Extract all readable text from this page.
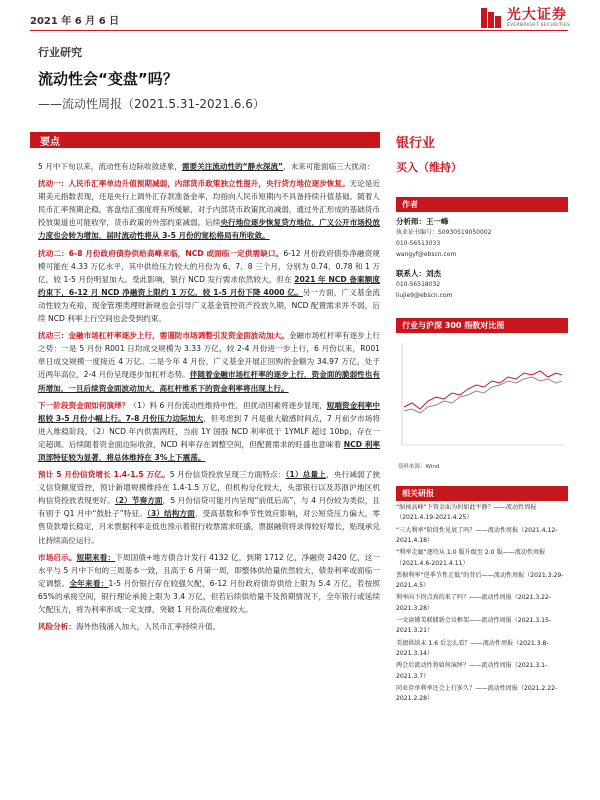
2021 年 6 月 6 日	光大证券
EVERBRIGHT SECURITIES
行业研究
流动性会“变盘”吗？
——流动性周报（2021.5.31-2021.6.6）
要点

5 月中下旬以来，流动性有边际收敛迹象，需要关注流动性的“静水深流”，未来可能面临三大扰动：

扰动一：人民币汇率单边升值预期减弱，内部货币政策独立性提升，央行贷方地位逐步恢复。无论是近期美元指数表现，还是央行上调外汇存款准备金率，均指向人民币短期内不具备持续升值基础。随着人民币汇率预期企稳，客盘结汇强度将有所缓解，对于内部货币政策扰动减弱，通过外汇形成的基础货币投放渠道也可能收窄，货币政策的外部约束减弱。后续央行地位逐步恢复贷方地位，广义公开市场投放力度也会转为增加，届时流动性将从 3-5 月份的宽松格局有所收敛。

扰动二：6-8 月份政府债券供给高峰来临，NCD 或面临一定供需缺口。6-12 月份政府债券净融资规模可能在 4.33 万亿水平，其中供给压力较大的月份为 6、7、8 三个月，分别为 0.74、0.78 和 1 万亿，较 1-5 月份明显加大。受此影响，银行 NCD 发行需求依然较大，但在 2021 年 NCD 备案额度约束下，6-12 月 NCD 净融资上限约 1 万亿，较 1-5 月份下降 4000 亿。另一方面，广义基金流动性较为充裕，现金管理类理财新规也会引导广义基金管控资产投放久期，NCD 配置需求并不弱，后续 NCD 利率上行空间也会受到约束。

扰动三：金融市场杠杆率逐步上行，需谨防市场调整引发资金面波动加大。金融市场杠杆率有逐步上行之势：一是 5 月份 R001 日均成交规模为 3.33 万亿，较 2-4 月份进一步上行，6 月份以来，R001 单日成交规模一度接近 4 万亿。二是今年 4 月份，广义基金开展正回购的金额为 34.97 万亿，处于近两年高位，2-4 月份呈现逐步加杠杆态势。伴随着金融市场杠杆率的逐步上行，资金面的脆弱性也有所增加，一旦后续资金面波动加大，高杠杆维系下的资金利率将出现上行。

下一阶段资金面如何演绎？（1）料 6 月份流动性维持中性，但扰动因素将逐步显现，短端资金利率中枢较 3-5 月份小幅上行。7-8 月份压力边际加大，但考虑到 7 月是重大敏感时间点，7 月前夕市场将进入维稳阶段。（2）NCD 年内供需两旺，当前 1Y 国股 NCD 利率低于 1YMLF 超过 10bp，存在一定超调。后续随着资金面边际收敛，NCD 利率存在调整空间，但配置需求的旺盛也意味着 NCD 利率顶部特征较为显著，将总体维持在 3%上下震荡。

预计 5 月份信贷增长 1.4-1.5 万亿。5 月份信贷投放呈现三方面特点：（1）总量上，央行减弱了狭义信贷额度管控，预计新增规模维持在 1.4-1.5 万亿，但机构分化较大，头部银行以及苏浙沪地区机构信贷投放表现更好。（2）节奏方面，5 月份信贷可能月内呈现“前低后高”，与 4 月份较为类似，且有别于 Q1 月中“鼓肚子”特征。（3）结构方面，受高基数和季节性效应影响，对公短贷压力偏大，零售贷款增长稳定，月末票据利率走低也预示着银行收票需求旺盛，票据融资将录得较好增长，贴现承兑比持续高位运行。

市场启示。短期来看：下周国债+地方债合计发行 4132 亿，到期 1712 亿，净融资 2420 亿，这一水平与 5 月中下旬的三周基本一致，且高于 6 月第一周，即整体供给量依然较大，债券利率或面临一定调整。全年来看：1-5 月份银行存在较强欠配，6-12 月份政府债券供给上限为 5.4 万亿，若按照 65%的承接空间，银行理论承接上限为 3.4 万亿，但若后续供给量不及预期情况下，全年银行或延续欠配压力，将为利率形成一定支撑，突破 1 月份高位难度较大。

风险分析：海外热钱涌入加大，人民币汇率持续升值。

银行业
买入（维持）
作者
分析师：王一峰
执业证书编号：S0930519050002
010-56513033
wangyf@ebscn.com
联系人：刘杰
010-56518032
liujie9@ebscn.com
行业与沪深 300 指数对比图
资料来源：Wind
相关研报
“缩核高峰”下资金面为何如此平静？——流动性周报（2021.4.19-2021.4.25）
“三大利率”阶段性见底了吗？——流动性周报（2021.4.12-2021.4.18）
“利率走廊”逐待从 1.0 版升级至 2.0 版——流动性周报（2021.4.6-2021.4.11）
票据利率“逆季节性走低”的背后——流动性周报（2021.3.29-2021.4.5）
利率向下拐点真的来了吗？——流动性周报（2021.3.22-2021.3.28）
一文读懂美联储新会议框架——流动性周报（2021.3.15-2021.3.21）
美债供给未 1.6 后怎么看？——流动性周报（2021.3.8-2021.3.14）
两会后流动性将如何演绎？——流动性周报（2021.3.1-2021.3.7）
同业存单利率还会上行多久？——流动性周报（2021.2.22-2021.2.28）
